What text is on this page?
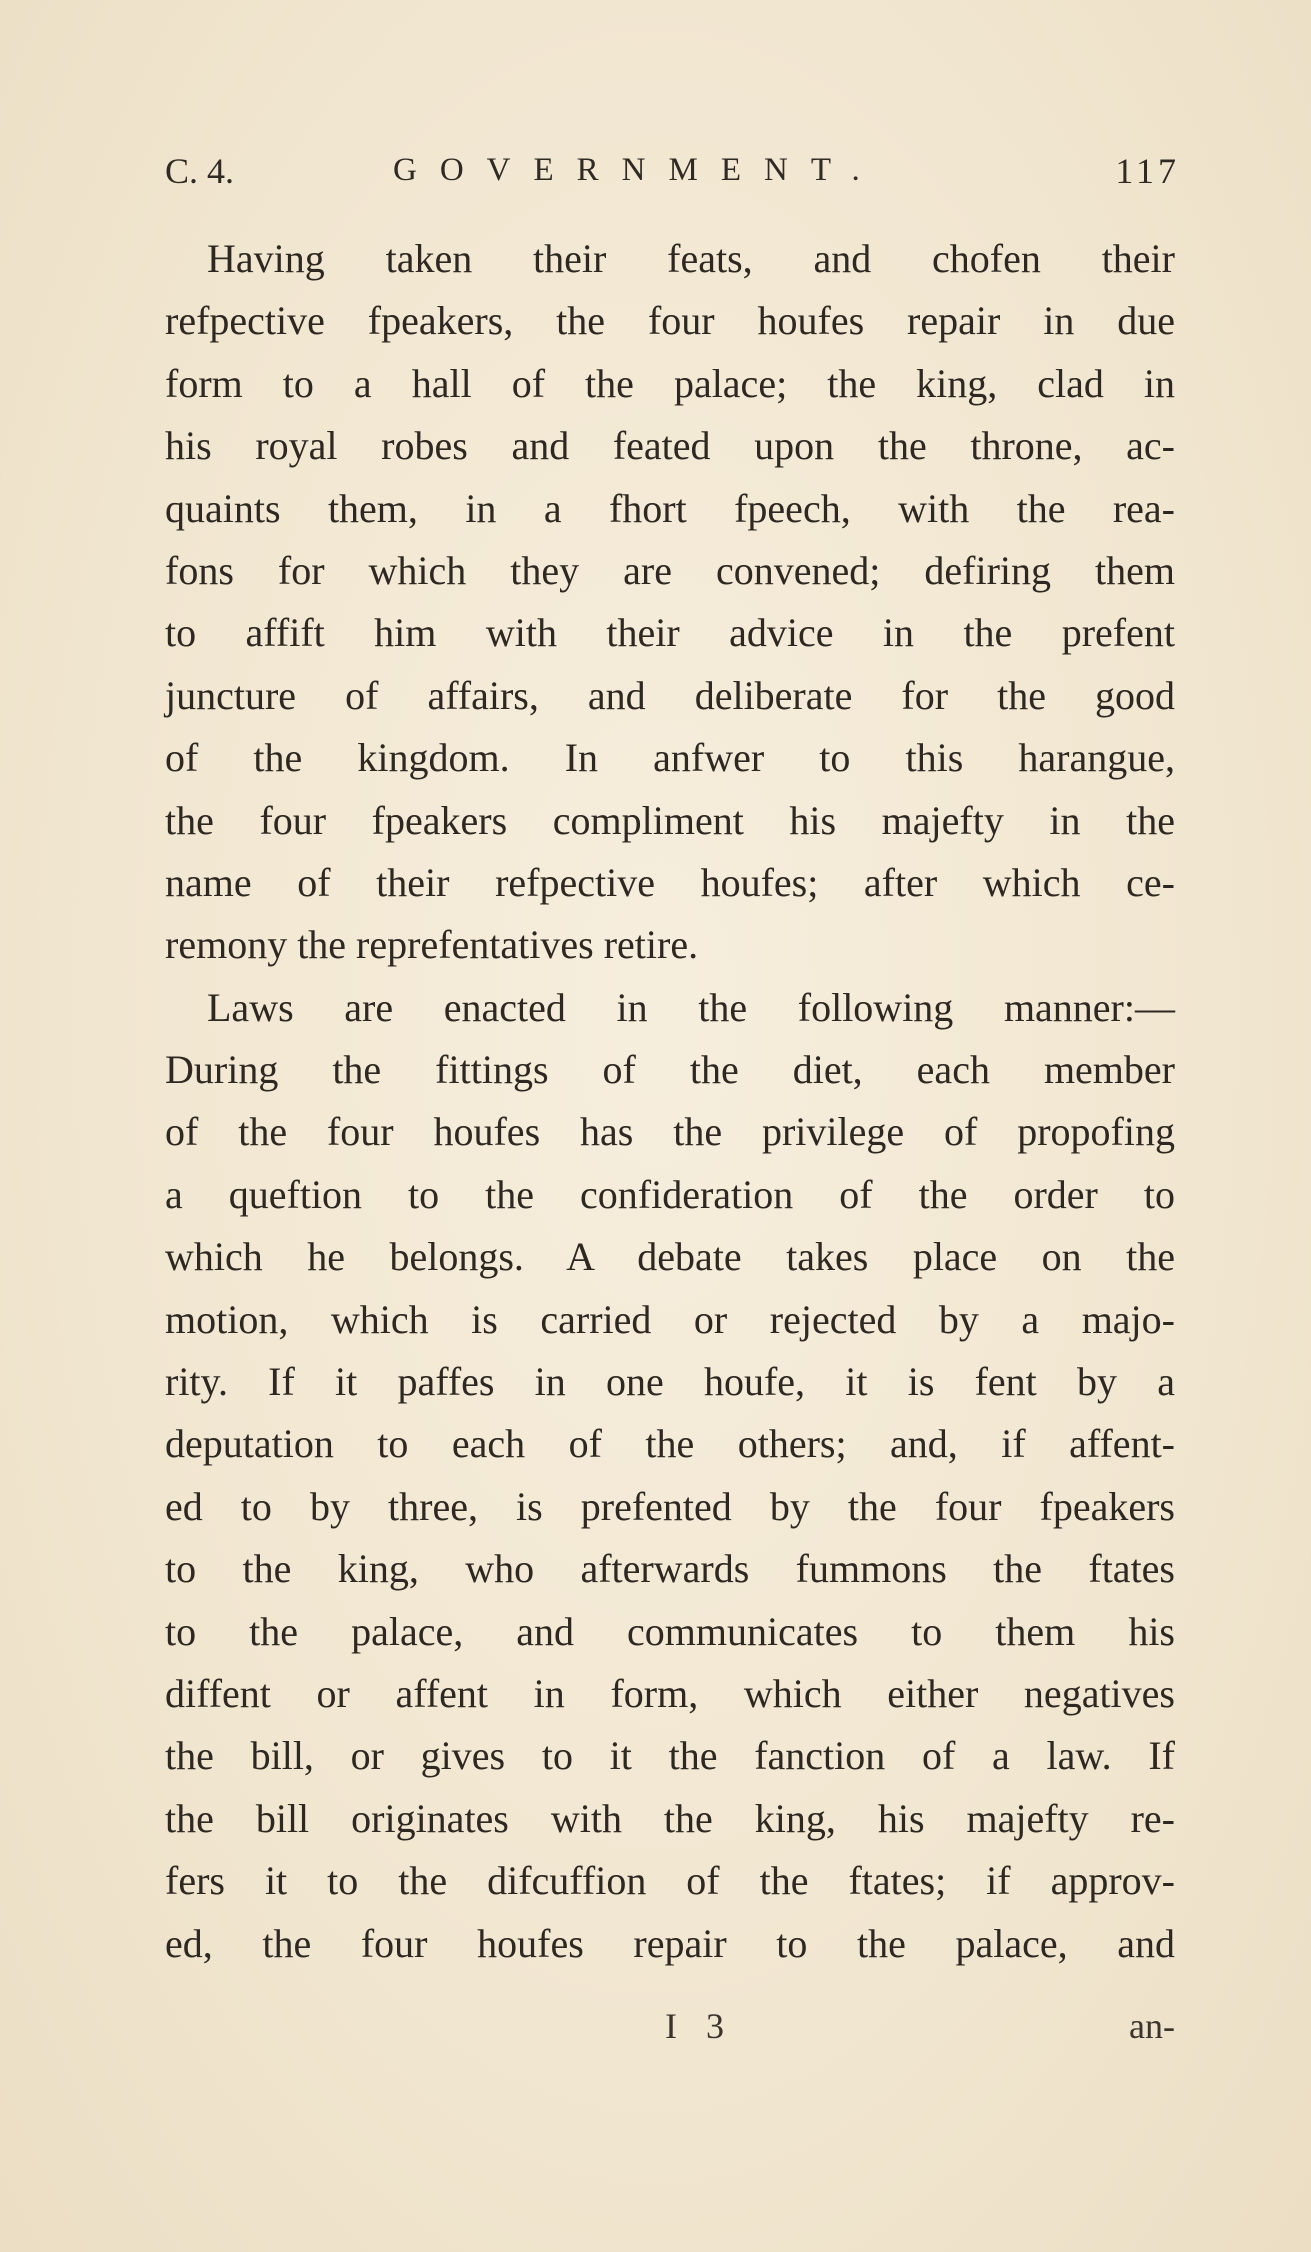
C. 4.	GOVERNMENT.	117
Having taken their feats, and chofen their
refpective fpeakers, the four houfes repair in due
form to a hall of the palace; the king, clad in
his royal robes and feated upon the throne, ac-
quaints them, in a fhort fpeech, with the rea-
fons for which they are convened; defiring them
to affift him with their advice in the prefent
juncture of affairs, and deliberate for the good
of the kingdom. In anfwer to this harangue,
the four fpeakers compliment his majefty in the
name of their refpective houfes; after which ce-
remony the reprefentatives retire.
Laws are enacted in the following manner:—
During the fittings of the diet, each member
of the four houfes has the privilege of propofing
a queftion to the confideration of the order to
which he belongs. A debate takes place on the
motion, which is carried or rejected by a majo-
rity. If it paffes in one houfe, it is fent by a
deputation to each of the others; and, if affent-
ed to by three, is prefented by the four fpeakers
to the king, who afterwards fummons the ftates
to the palace, and communicates to them his
diffent or affent in form, which either negatives
the bill, or gives to it the fanction of a law. If
the bill originates with the king, his majefty re-
fers it to the difcuffion of the ftates; if approv-
ed, the four houfes repair to the palace, and
I 3	an-
